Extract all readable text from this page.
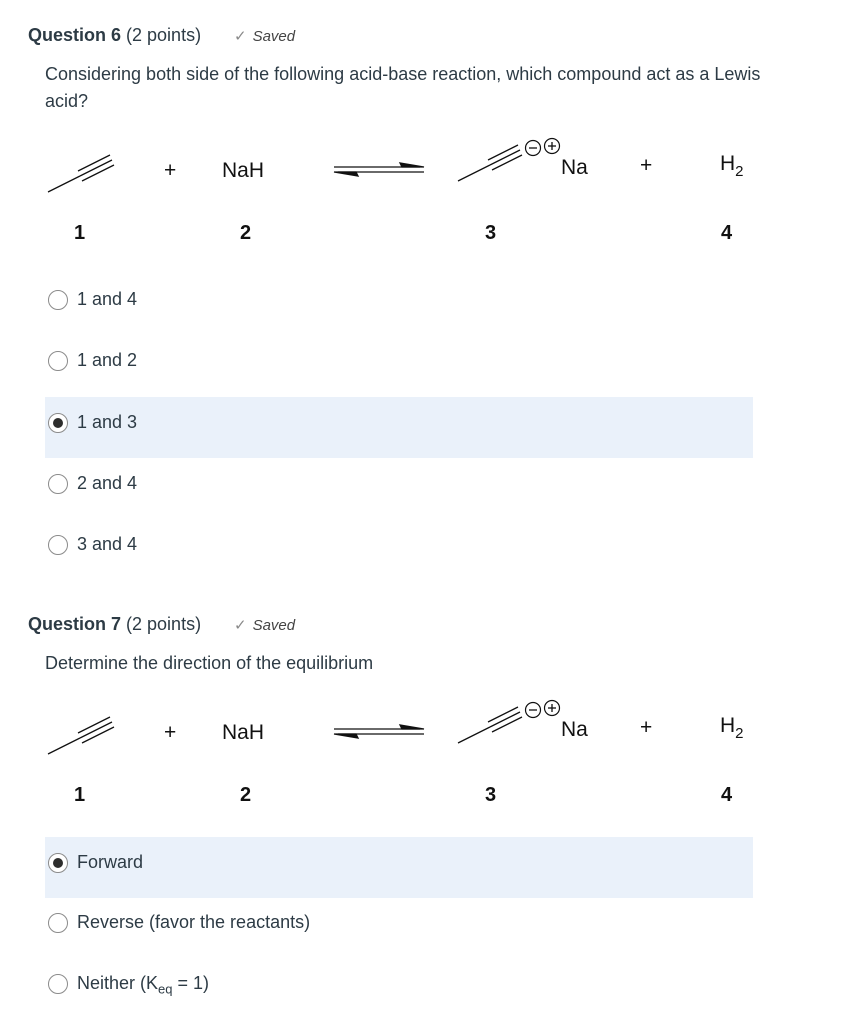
Question 6 (2 points) ✓ Saved
Considering both side of the following acid-base reaction, which compound act as a Lewis acid?
+ NaH	Na +	$H_2$
1	2	3	4
1 and 4
1 and 2
1 and 3
2 and 4
3 and 4
Question 7 (2 points) ✓ Saved
Determine the direction of the equilibrium
+ NaH	Na +	$H_2$
1	2	3	4
Forward
Reverse (favor the reactants)
Neither $(K_{eq} = 1)$
